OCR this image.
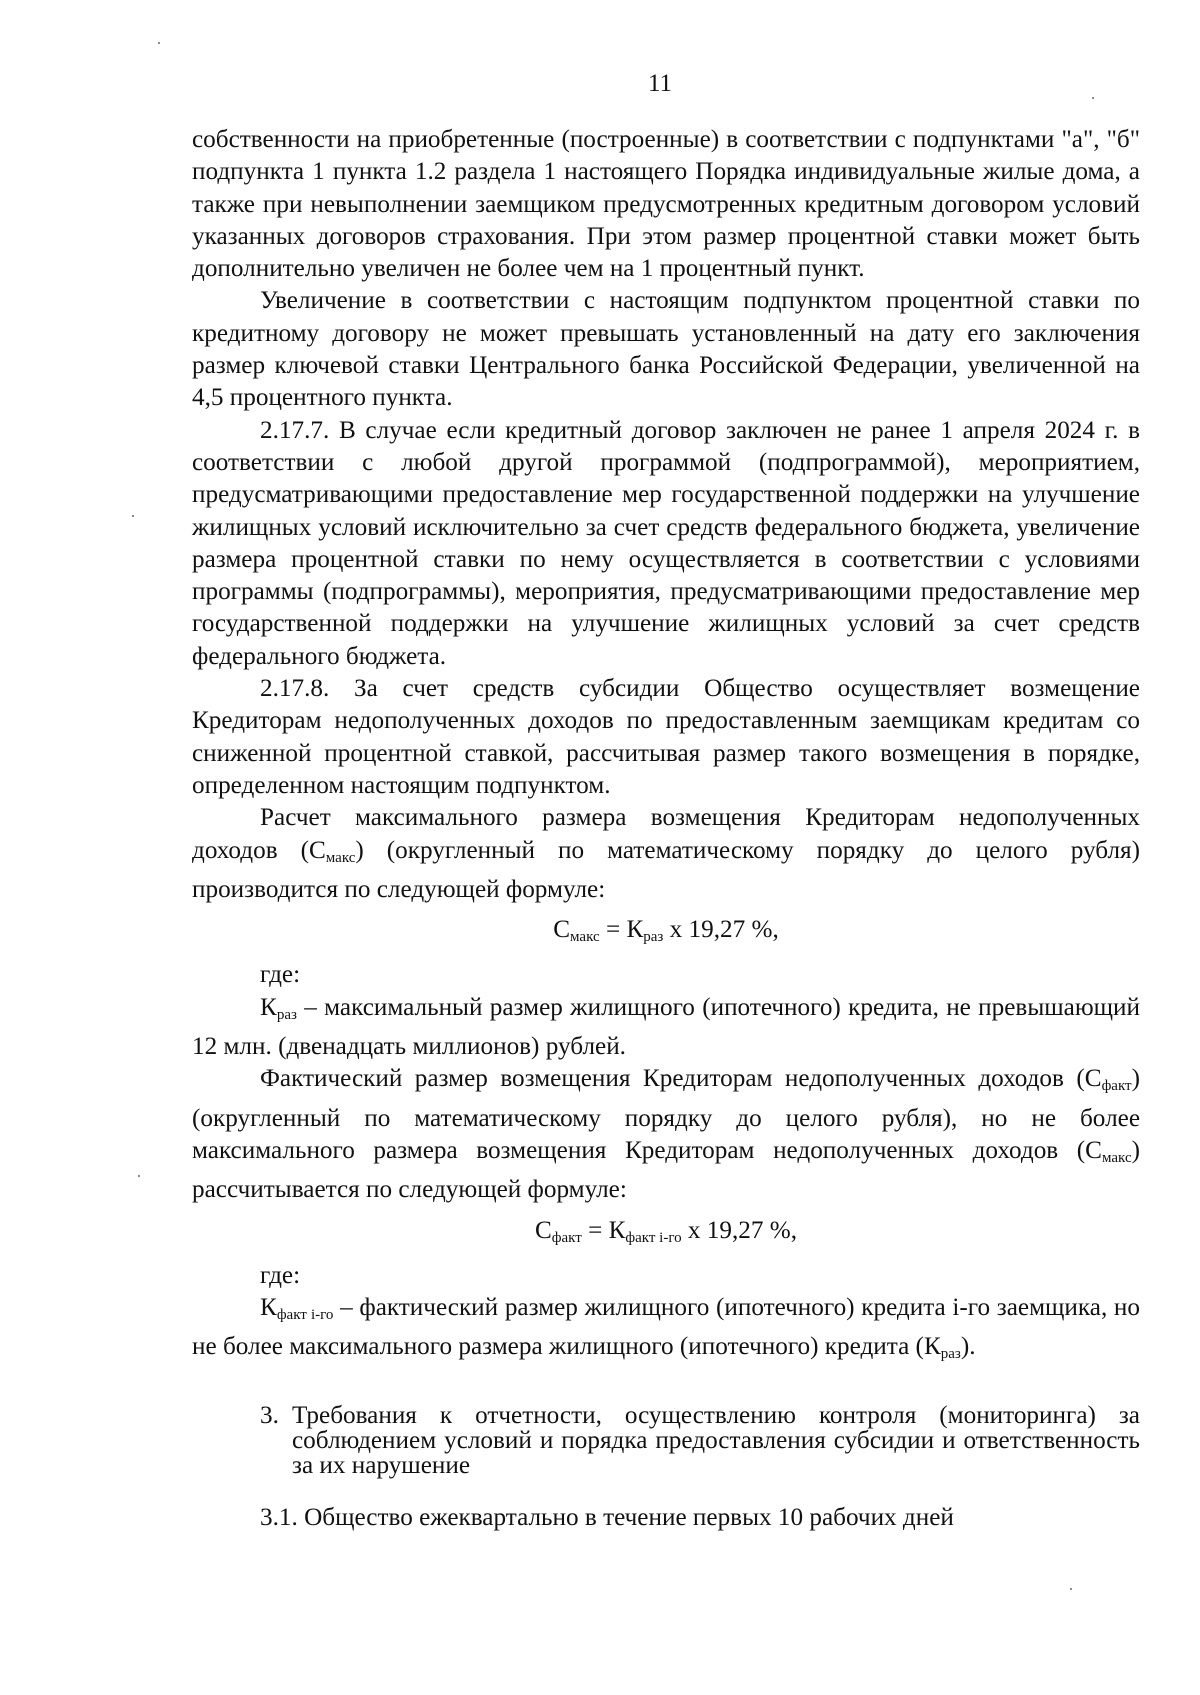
11

собственности на приобретенные (построенные) в соответствии с подпунктами "а", "б" подпункта 1 пункта 1.2 раздела 1 настоящего Порядка индивидуальные жилые дома, а также при невыполнении заемщиком предусмотренных кредитным договором условий указанных договоров страхования. При этом размер процентной ставки может быть дополнительно увеличен не более чем на 1 процентный пункт.

Увеличение в соответствии с настоящим подпунктом процентной ставки по кредитному договору не может превышать установленный на дату его заключения размер ключевой ставки Центрального банка Российской Федерации, увеличенной на 4,5 процентного пункта.

2.17.7. В случае если кредитный договор заключен не ранее 1 апреля 2024 г. в соответствии с любой другой программой (подпрограммой), мероприятием, предусматривающими предоставление мер государственной поддержки на улучшение жилищных условий исключительно за счет средств федерального бюджета, увеличение размера процентной ставки по нему осуществляется в соответствии с условиями программы (подпрограммы), мероприятия, предусматривающими предоставление мер государственной поддержки на улучшение жилищных условий за счет средств федерального бюджета.

2.17.8. За счет средств субсидии Общество осуществляет возмещение Кредиторам недополученных доходов по предоставленным заемщикам кредитам со сниженной процентной ставкой, рассчитывая размер такого возмещения в порядке, определенном настоящим подпунктом.

Расчет максимального размера возмещения Кредиторам недополученных доходов $(С_{макс})$ (округленный по математическому порядку до целого рубля) производится по следующей формуле:

$С_{макс} = К_{раз}$ х 19,27 %,
где:

$К_{раз}$ – максимальный размер жилищного (ипотечного) кредита, не превышающий 12 млн. (двенадцать миллионов) рублей.

Фактический размер возмещения Кредиторам недополученных доходов $(С_{факт})$ (округленный по математическому порядку до целого рубля), но не более максимального размера возмещения Кредиторам недополученных доходов $(С_{макс})$ рассчитывается по следующей формуле:

$С_{факт} = К_{факт i-го}$ х 19,27 %,
где:

$К_{факт i-го}$ – фактический размер жилищного (ипотечного) кредита i-го заемщика, но не более максимального размера жилищного (ипотечного) кредита $(К_{раз})$.

3. Требования к отчетности, осуществлению контроля (мониторинга) за соблюдением условий и порядка предоставления субсидии и ответственность за их нарушение

3.1. Общество ежеквартально в течение первых 10 рабочих дней
